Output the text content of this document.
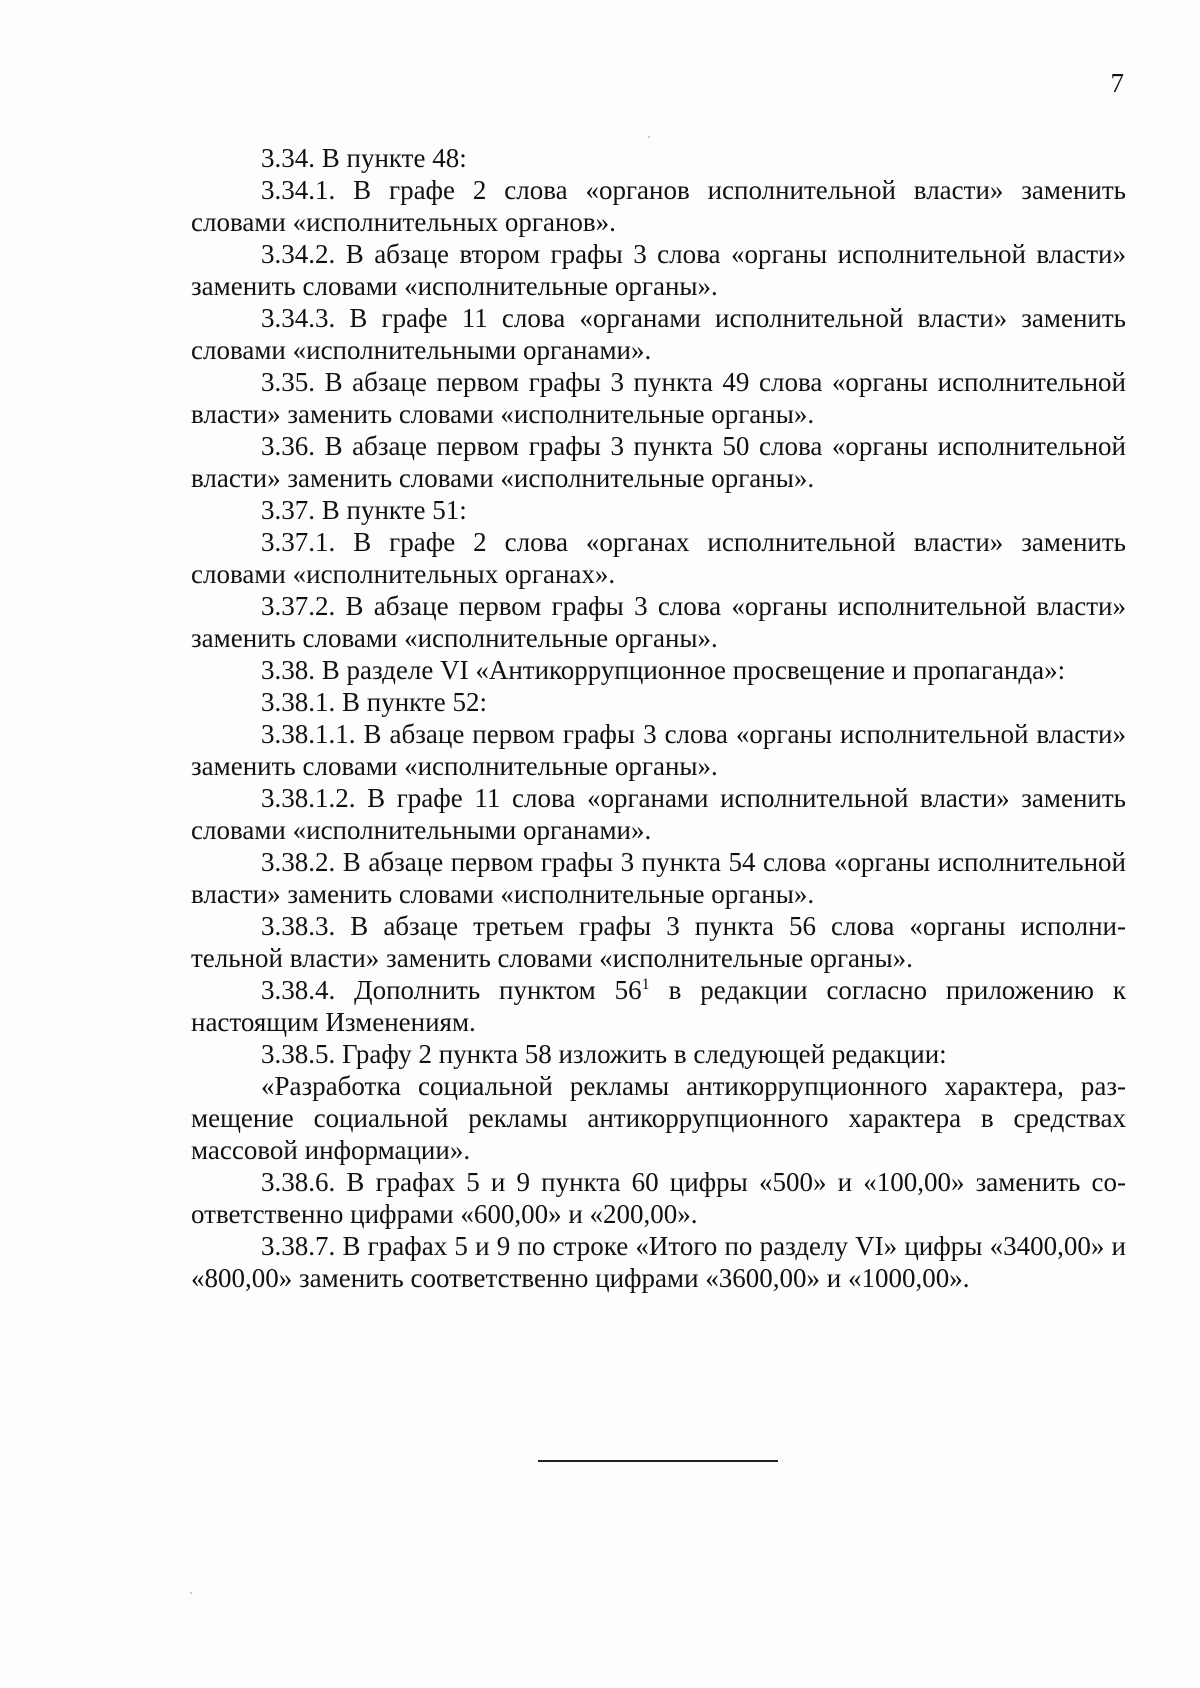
7

3.34. В пункте 48:

3.34.1. В графе 2 слова «органов исполнительной власти» заменить словами «исполнительных органов».

3.34.2. В абзаце втором графы 3 слова «органы исполнительной власти» заменить словами «исполнительные органы».

3.34.3. В графе 11 слова «органами исполнительной власти» заменить словами «исполнительными органами».

3.35. В абзаце первом графы 3 пункта 49 слова «органы исполнительной власти» заменить словами «исполнительные органы».

3.36. В абзаце первом графы 3 пункта 50 слова «органы исполнительной власти» заменить словами «исполнительные органы».

3.37. В пункте 51:

3.37.1. В графе 2 слова «органах исполнительной власти» заменить словами «исполнительных органах».

3.37.2. В абзаце первом графы 3 слова «органы исполнительной власти» заменить словами «исполнительные органы».

3.38. В разделе VI «Антикоррупционное просвещение и пропаганда»:

3.38.1. В пункте 52:

3.38.1.1. В абзаце первом графы 3 слова «органы исполнительной власти» заменить словами «исполнительные органы».

3.38.1.2. В графе 11 слова «органами исполнительной власти» заменить словами «исполнительными органами».

3.38.2. В абзаце первом графы 3 пункта 54 слова «органы исполнительной власти» заменить словами «исполнительные органы».

3.38.3. В абзаце третьем графы 3 пункта 56 слова «органы исполнительной власти» заменить словами «исполнительные органы».

3.38.4. Дополнить пунктом $56^1$ в редакции согласно приложению к настоящим Изменениям.

3.38.5. Графу 2 пункта 58 изложить в следующей редакции:

«Разработка социальной рекламы антикоррупционного характера, размещение социальной рекламы антикоррупционного характера в средствах массовой информации».

3.38.6. В графах 5 и 9 пункта 60 цифры «500» и «100,00» заменить соответственно цифрами «600,00» и «200,00».

3.38.7. В графах 5 и 9 по строке «Итого по разделу VI» цифры «3400,00» и «800,00» заменить соответственно цифрами «3600,00» и «1000,00».
